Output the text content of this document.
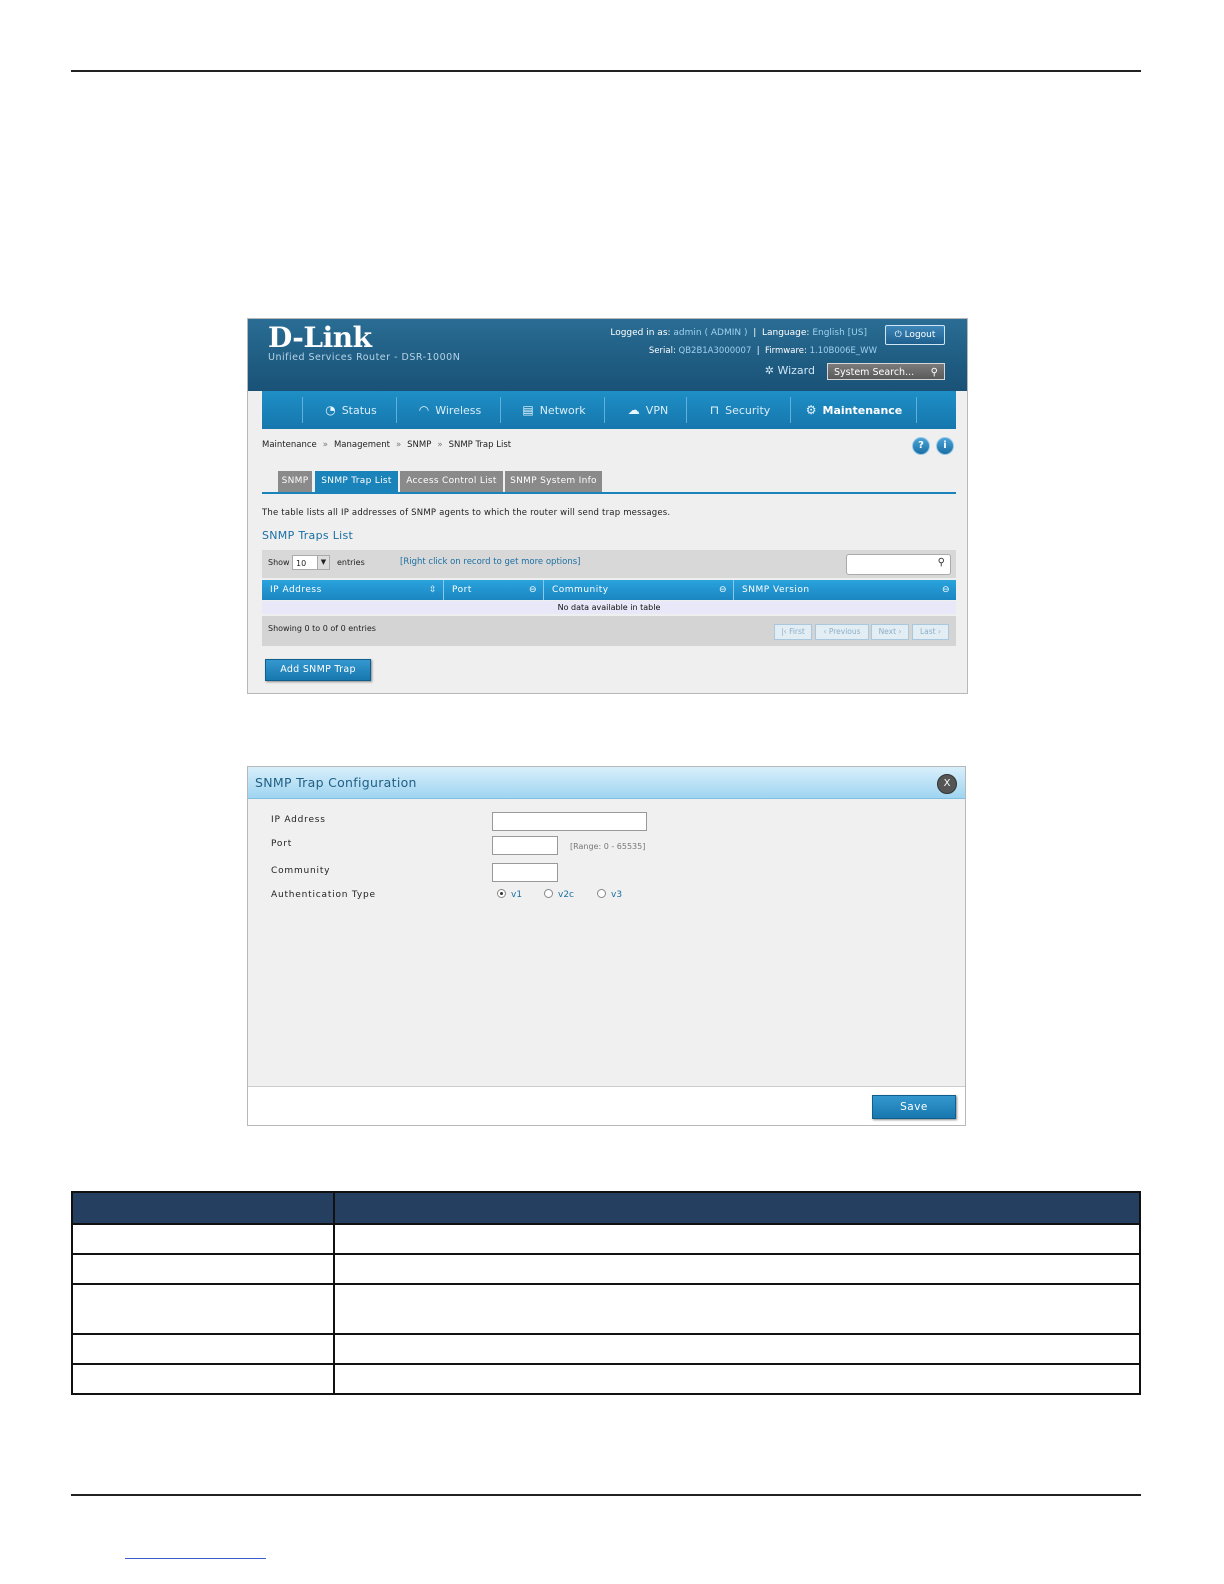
D-Link
Unified Services Router - DSR-1000N
Logged in as: admin ( ADMIN )  |  Language: English [US]	⏻ Logout
Serial: QB2B1A3000007  |  Firmware: 1.10B006E_WW
✲ Wizard	System Search... ⚲
◔ Status	◠ Wireless	▤ Network	☁ VPN	⊓ Security	⚙ Maintenance
Maintenance » Management » SNMP » SNMP Trap List	?	i
SNMP	SNMP Trap List	Access Control List	SNMP System Info
The table lists all IP addresses of SNMP agents to which the router will send trap messages.
SNMP Traps List
Show 10	▼	entries	[Right click on record to get more options]	⚲
IP Address	⇳	Port	⊖	Community	⊖	SNMP Version	⊖
No data available in table
Showing 0 to 0 of 0 entries	|‹ First	‹ Previous	Next ›	Last ›
Add SNMP Trap
SNMP Trap Configuration	X
IP Address
Port	[Range: 0 - 65535]
Community
Authentication Type	v1	v2c	v3
Save
